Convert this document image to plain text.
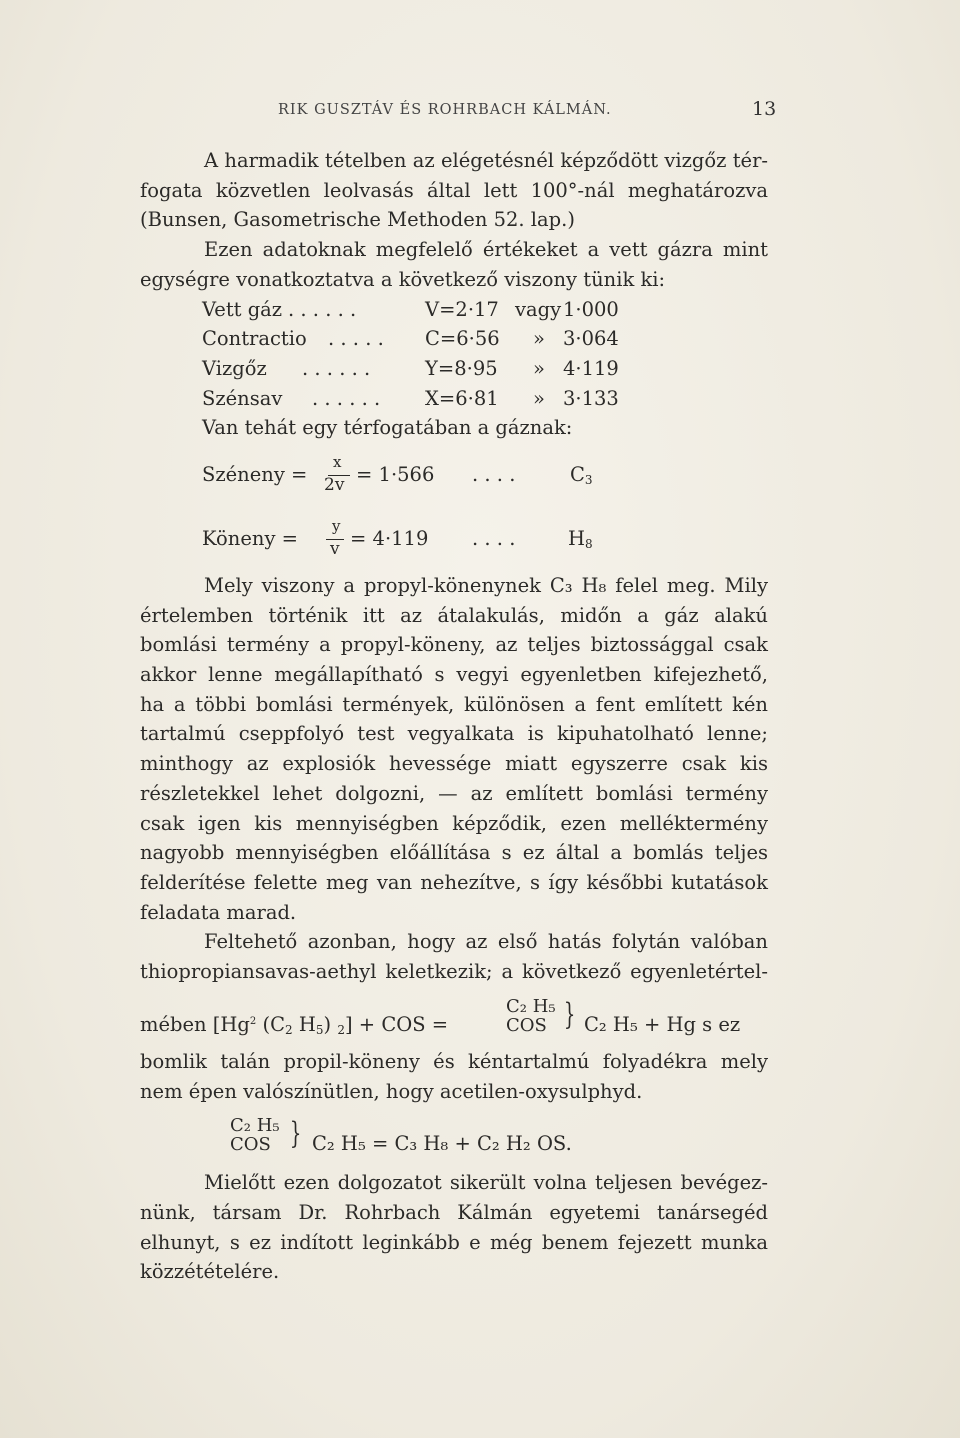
RIK GUSZTÁV ÉS ROHRBACH KÁLMÁN.	13
A harmadik tételben az elégetésnél képződött vizgőz tér-
fogata közvetlen leolvasás által lett 100°-nál meghatározva
(Bunsen, Gasometrische Methoden 52. lap.)
Ezen adatoknak megfelelő értékeket a vett gázra mint
egységre vonatkoztatva a következő viszony tünik ki:
Vett gáz . . . . . .	V=2·17 vagy 1·000
Contractio . . . . . C=6·56 » 3·064
Vizgőz . . . . . .	Y=8·95 » 4·119
Szénsav . . . . . . X=6·81 » 3·133
Van tehát egy térfogatában a gáznak:
Széneny =
x
2v = 1·566 . . . .	$C_3$
Köneny =
y
v = 4·119 . . . .	$H_8$
Mely viszony a propyl-könenynek C₃ H₈ felel meg. Mily
értelemben történik itt az átalakulás, midőn a gáz alakú
bomlási termény a propyl-köneny, az teljes biztossággal csak
akkor lenne megállapítható s vegyi egyenletben kifejezhető,
ha a többi bomlási termények, különösen a fent említett kén
tartalmú cseppfolyó test vegyalkata is kipuhatolható lenne;
minthogy az explosiók hevessége miatt egyszerre csak kis
részletekkel lehet dolgozni, — az említett bomlási termény
csak igen kis mennyiségben képződik, ezen melléktermény
nagyobb mennyiségben előállítása s ez által a bomlás teljes
felderítése felette meg van nehezítve, s így későbbi kutatások
feladata marad.
Feltehető azonban, hogy az első hatás folytán valóban
thiopropiansavas-aethyl keletkezik; a következő egyenletértel-
mében [Hg$^2$ ($C_2$ $H_5$) $_2$] + COS =
C₂ H₅
COS } C₂ H₅ + Hg s ez
bomlik talán propil-köneny és kéntartalmú folyadékra mely
nem épen valószínütlen, hogy acetilen-oxysulphyd.
C₂ H₅
COS } C₂ H₅ = C₃ H₈ + C₂ H₂ OS.
Mielőtt ezen dolgozatot sikerült volna teljesen bevégez-
nünk, társam Dr. Rohrbach Kálmán egyetemi tanársegéd
elhunyt, s ez indított leginkább e még benem fejezett munka
közzétételére.
